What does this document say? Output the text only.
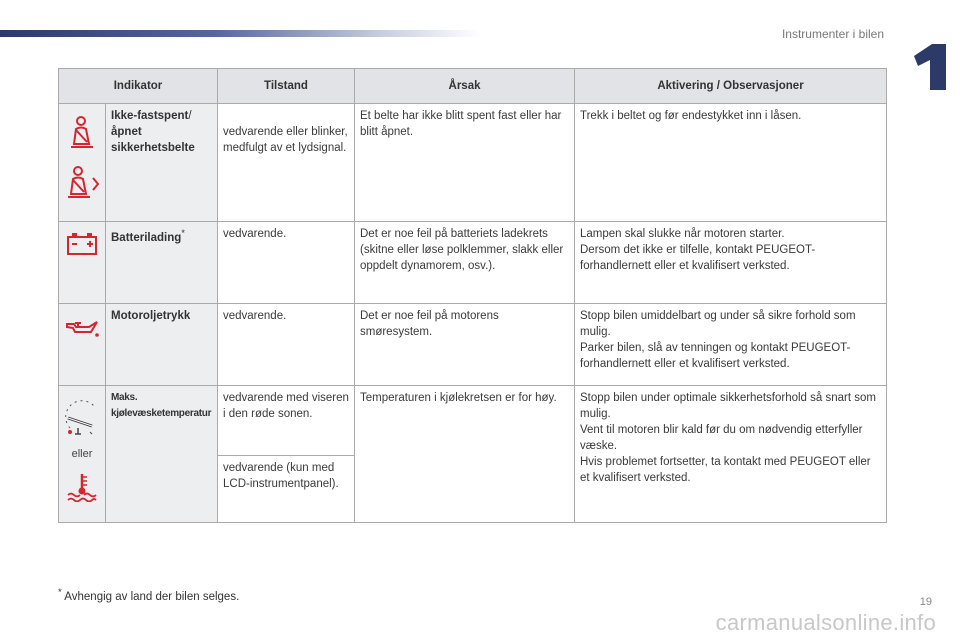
Instrumenter i bilen
Indikator		Tilstand	Årsak	Aktivering / Observasjoner

	Ikke-fastspent/ åpnet sikkerhetsbelte	vedvarende eller blinker, medfulgt av et lydsignal.	Et belte har ikke blitt spent fast eller har blitt åpnet.	Trekk i beltet og før endestykket inn i låsen.

	Batterilading*	vedvarende.	Det er noe feil på batteriets ladekrets (skitne eller løse polklemmer, slakk eller oppdelt dynamorem, osv.).	Lampen skal slukke når motoren starter.
Dersom det ikke er tilfelle, kontakt PEUGEOT-forhandlernett eller et kvalifisert verksted.

	Motoroljetrykk	vedvarende.	Det er noe feil på motorens smøresystem.	Stopp bilen umiddelbart og under så sikre forhold som mulig.
Parker bilen, slå av tenningen og kontakt PEUGEOT-forhandlernett eller et kvalifisert verksted.

eller	Maks. kjølevæsketemperatur	vedvarende med viseren i den røde sonen.	Temperaturen i kjølekretsen er for høy.	Stopp bilen under optimale sikkerhetsforhold så snart som mulig.
Vent til motoren blir kald før du om nødvendig etterfyller væske.
Hvis problemet fortsetter, ta kontakt med PEUGEOT eller et kvalifisert verksted.

		vedvarende (kun med LCD-instrumentpanel).		
* Avhengig av land der bilen selges.
carmanualsonline.info
19
